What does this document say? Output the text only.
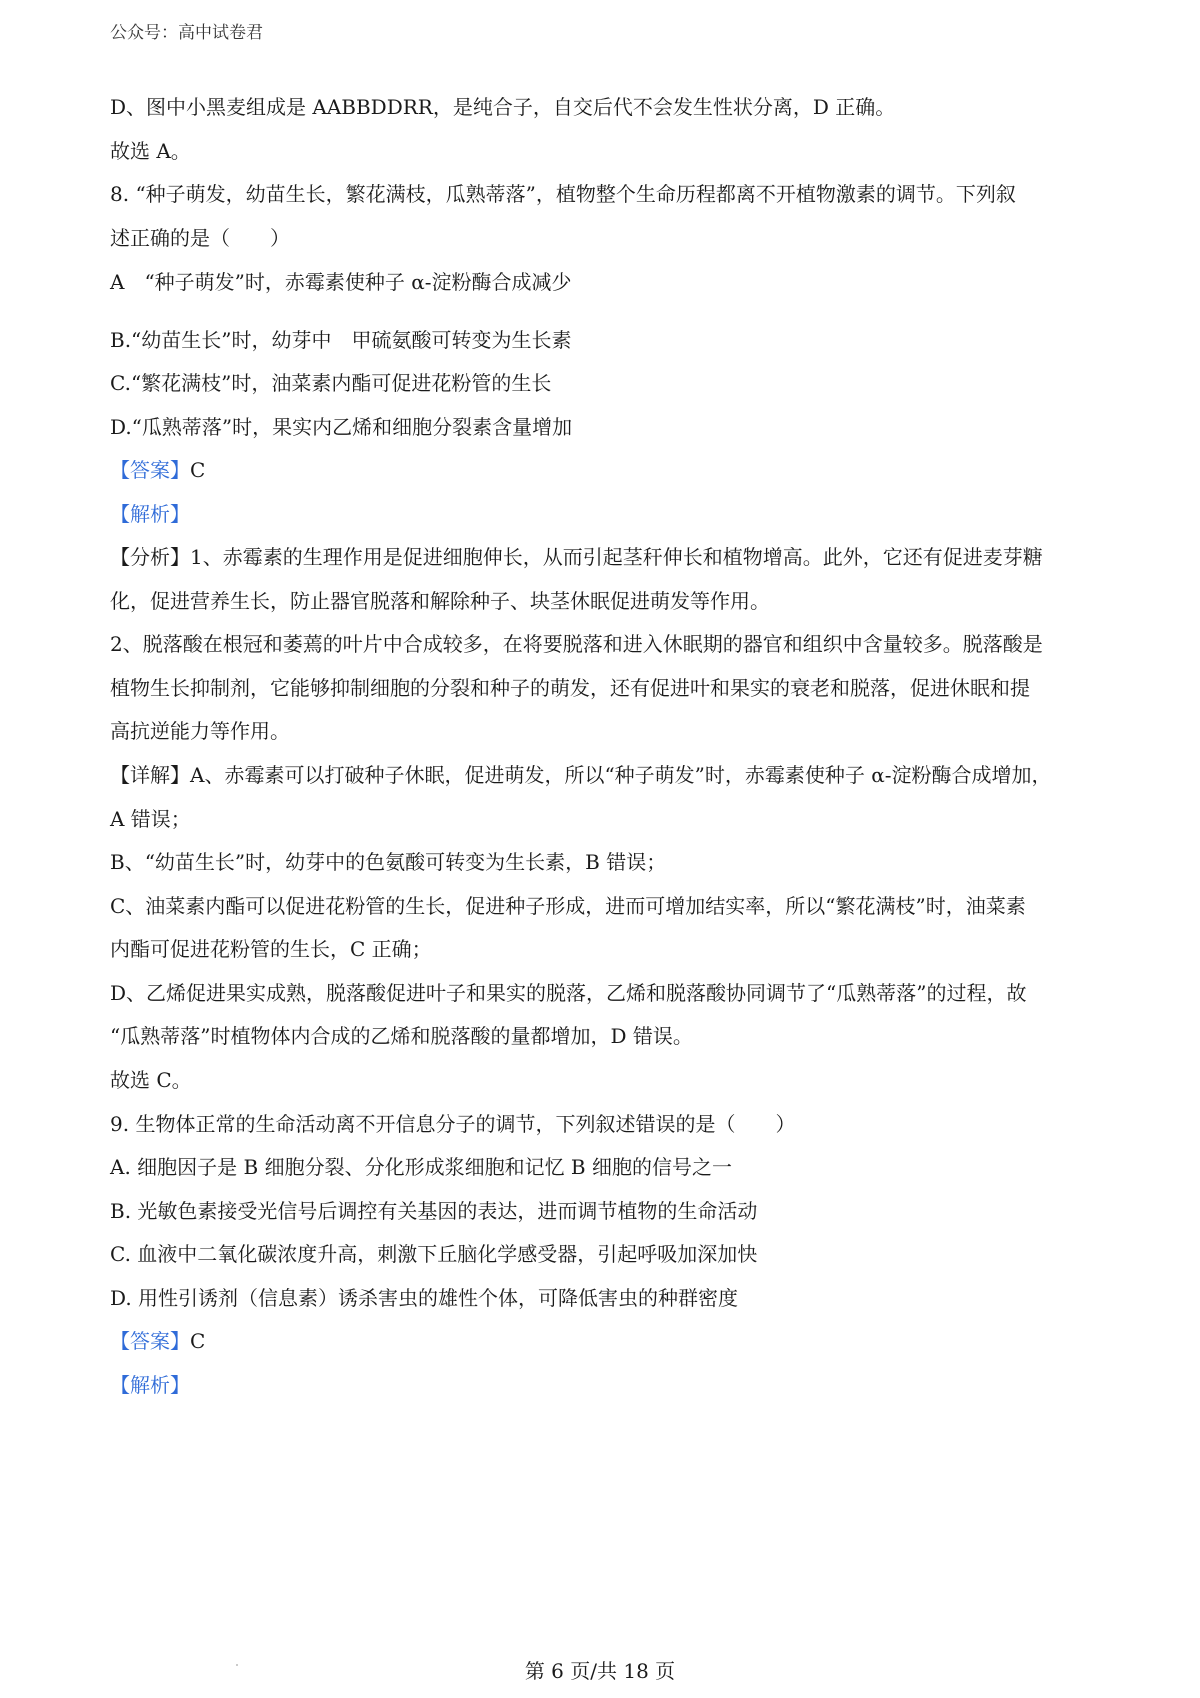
公众号：高中试卷君

D、图中小黑麦组成是 AABBDDRR，是纯合子，自交后代不会发生性状分离，D 正确。

故选 A。

8. “种子萌发，幼苗生长，繁花满枝，瓜熟蒂落”，植物整个生命历程都离不开植物激素的调节。下列叙

述正确的是（　　）

A　“种子萌发”时，赤霉素使种子 α-淀粉酶合成减少

B.“幼苗生长”时，幼芽中　甲硫氨酸可转变为生长素

C.“繁花满枝”时，油菜素内酯可促进花粉管的生长

D.“瓜熟蒂落”时，果实内乙烯和细胞分裂素含量增加

【答案】C

【解析】

【分析】1、赤霉素的生理作用是促进细胞伸长，从而引起茎秆伸长和植物增高。此外，它还有促进麦芽糖

化，促进营养生长，防止器官脱落和解除种子、块茎休眠促进萌发等作用。

2、脱落酸在根冠和萎蔫的叶片中合成较多，在将要脱落和进入休眠期的器官和组织中含量较多。脱落酸是

植物生长抑制剂，它能够抑制细胞的分裂和种子的萌发，还有促进叶和果实的衰老和脱落，促进休眠和提

高抗逆能力等作用。

【详解】A、赤霉素可以打破种子休眠，促进萌发，所以“种子萌发”时，赤霉素使种子 α-淀粉酶合成增加，

A 错误；

B、“幼苗生长”时，幼芽中的色氨酸可转变为生长素，B 错误；

C、油菜素内酯可以促进花粉管的生长，促进种子形成，进而可增加结实率，所以“繁花满枝”时，油菜素

内酯可促进花粉管的生长，C 正确；

D、乙烯促进果实成熟，脱落酸促进叶子和果实的脱落，乙烯和脱落酸协同调节了“瓜熟蒂落”的过程，故

“瓜熟蒂落”时植物体内合成的乙烯和脱落酸的量都增加，D 错误。

故选 C。

9. 生物体正常的生命活动离不开信息分子的调节，下列叙述错误的是（　　）

A. 细胞因子是 B 细胞分裂、分化形成浆细胞和记忆 B 细胞的信号之一

B. 光敏色素接受光信号后调控有关基因的表达，进而调节植物的生命活动

C. 血液中二氧化碳浓度升高，刺激下丘脑化学感受器，引起呼吸加深加快

D. 用性引诱剂（信息素）诱杀害虫的雄性个体，可降低害虫的种群密度

【答案】C

【解析】

第 6 页/共 18 页
